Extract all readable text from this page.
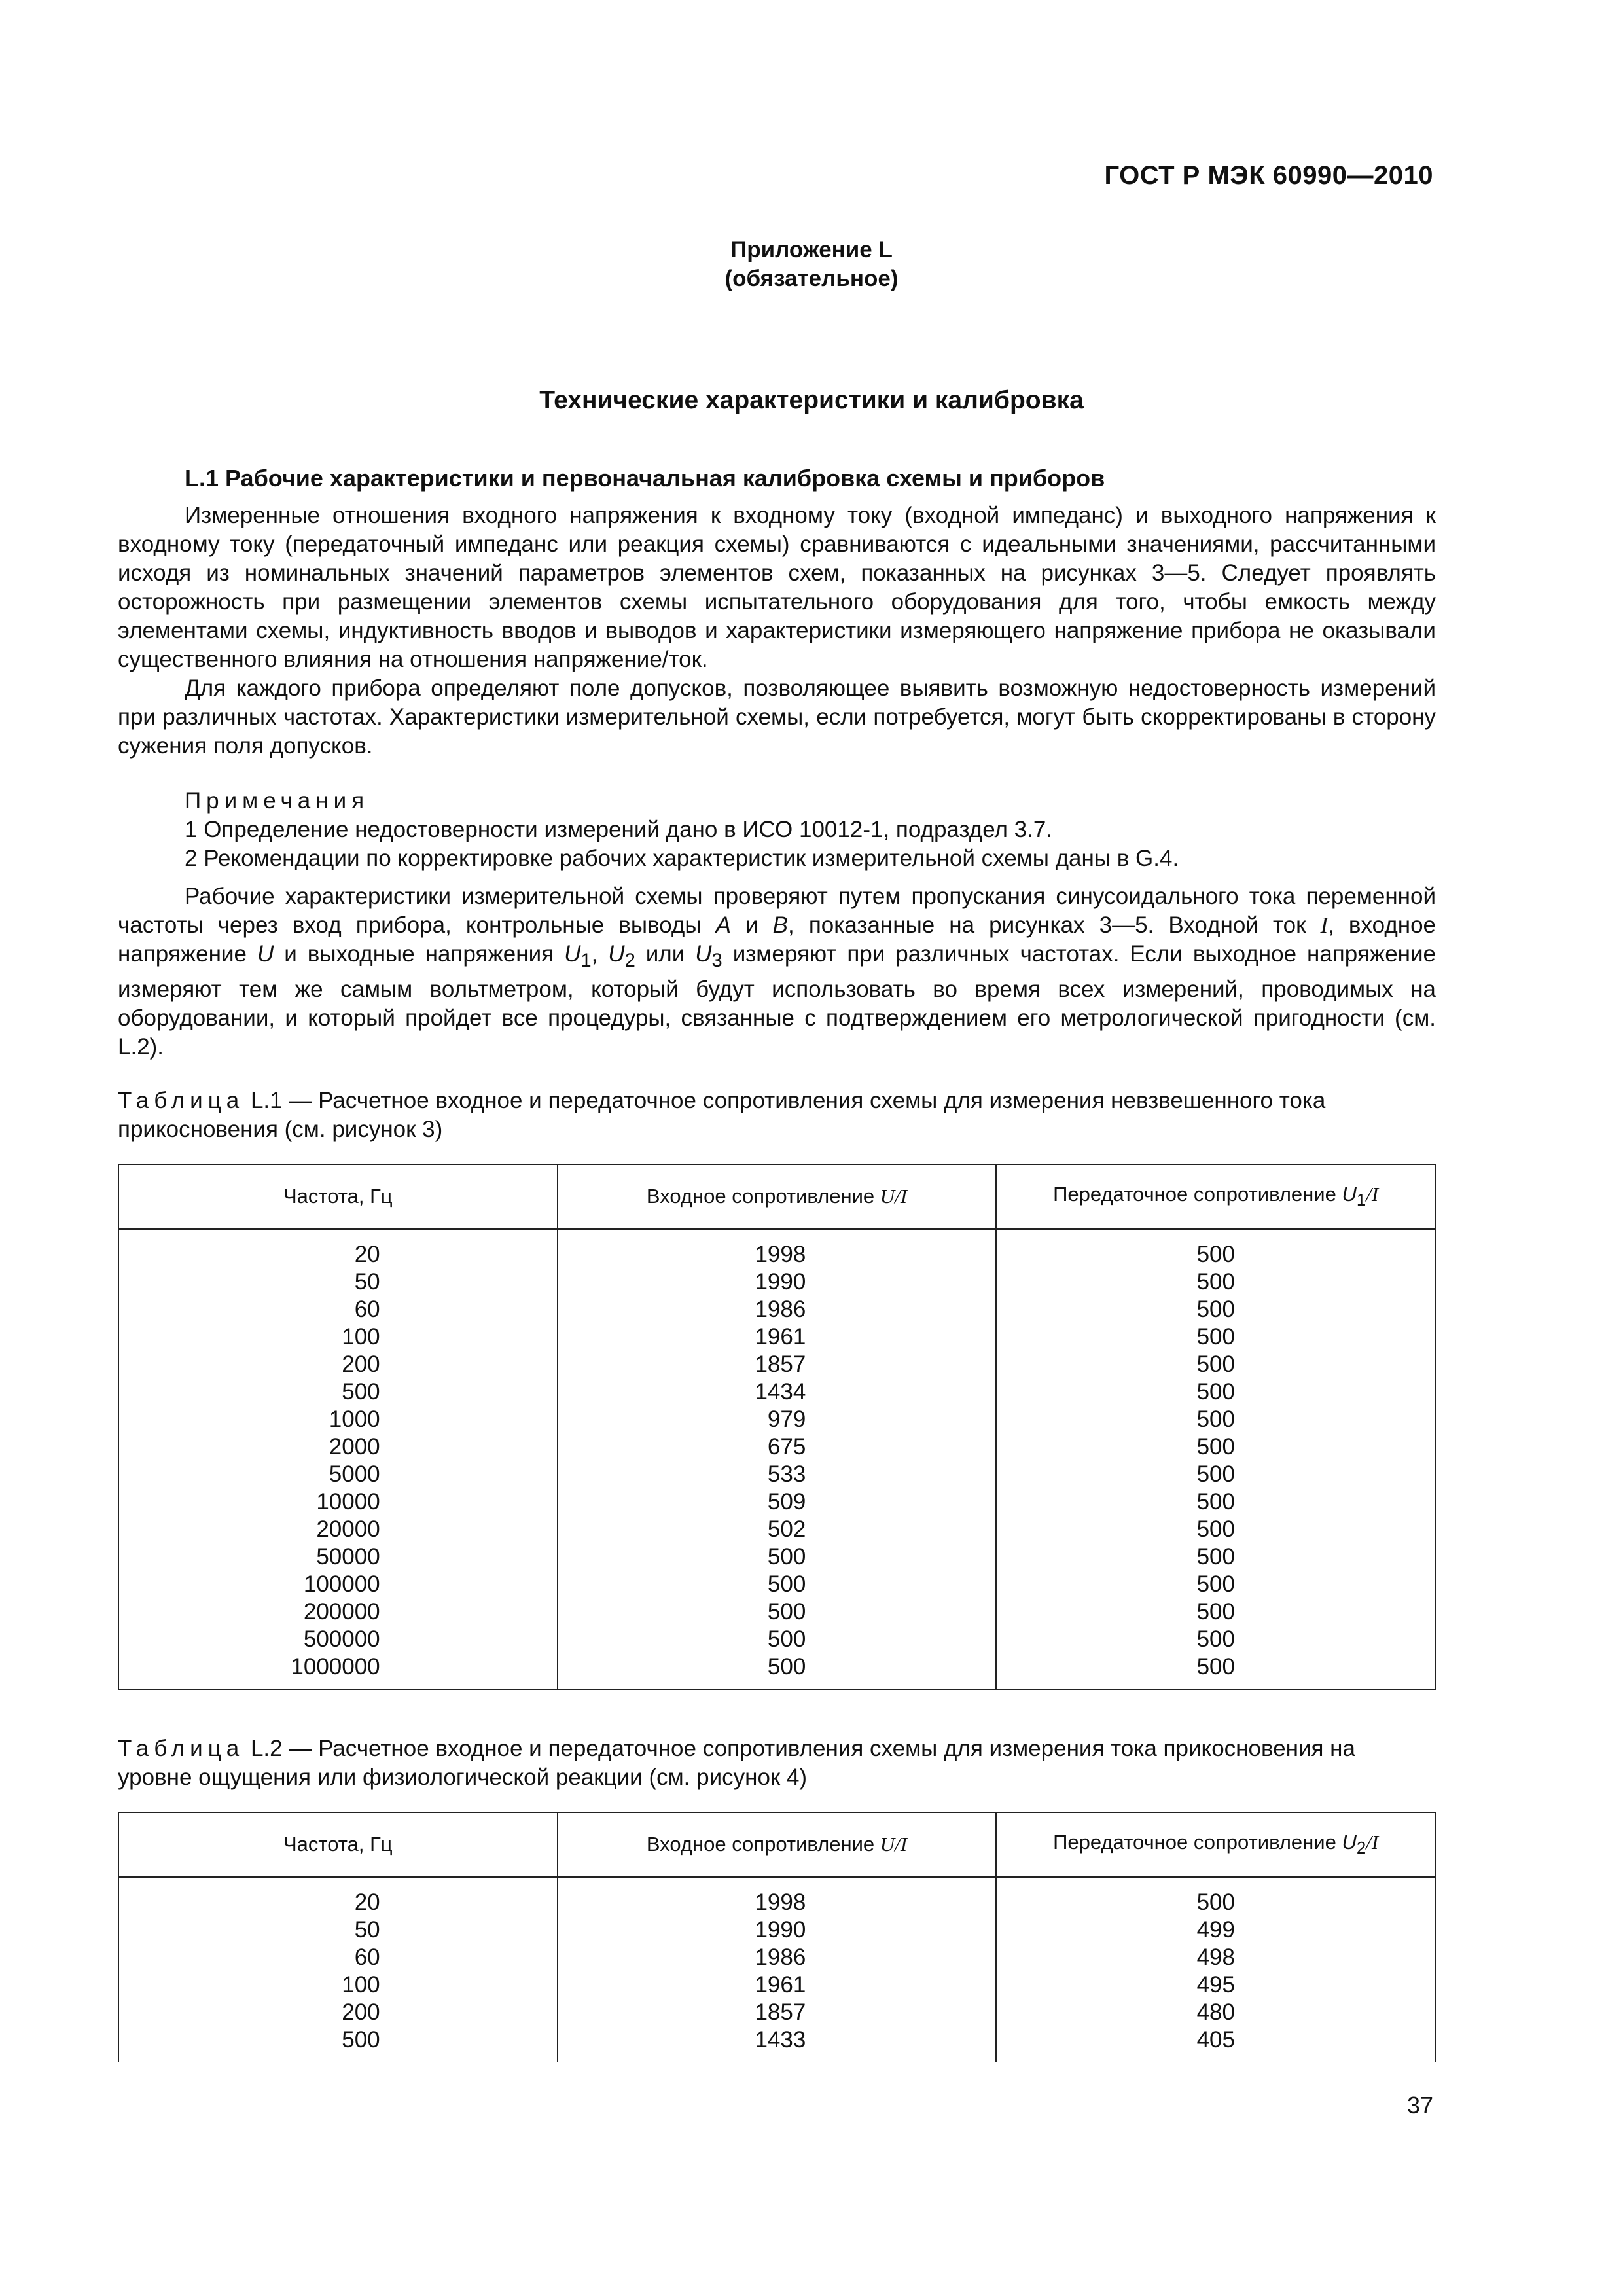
ГОСТ Р МЭК 60990—2010
Приложение L
(обязательное)
Технические характеристики и калибровка
L.1 Рабочие характеристики и первоначальная калибровка схемы и приборов

Измеренные отношения входного напряжения к входному току (входной импеданс) и выходного напряжения к входному току (передаточный импеданс или реакция схемы) сравниваются с идеальными значениями, рассчитанными исходя из номинальных значений параметров элементов схем, показанных на рисунках 3—5. Следует проявлять осторожность при размещении элементов схемы испытательного оборудования для того, чтобы емкость между элементами схемы, индуктивность вводов и выводов и характеристики измеряющего напряжение прибора не оказывали существенного влияния на отношения напряжение/ток.

Для каждого прибора определяют поле допусков, позволяющее выявить возможную недостоверность измерений при различных частотах. Характеристики измерительной схемы, если потребуется, могут быть скорректированы в сторону сужения поля допусков.

Примечания
1 Определение недостоверности измерений дано в ИСО 10012-1, подраздел 3.7.
2 Рекомендации по корректировке рабочих характеристик измерительной схемы даны в G.4.

Рабочие характеристики измерительной схемы проверяют путем пропускания синусоидального тока переменной частоты через вход прибора, контрольные выводы A и B, показанные на рисунках 3—5. Входной ток I, входное напряжение U и выходные напряжения $U_1$, $U_2$ или $U_3$ измеряют при различных частотах. Если выходное напряжение измеряют тем же самым вольтметром, который будут использовать во время всех измерений, проводимых на оборудовании, и который пройдет все процедуры, связанные с подтверждением его метрологической пригодности (см. L.2).

Таблица L.1 — Расчетное входное и передаточное сопротивления схемы для измерения невзвешенного тока прикосновения (см. рисунок 3)
Частота, Гц	Входное сопротивление U/I	Передаточное сопротивление $U_1/I$
20	1998	500
50	1990	500
60	1986	500
100	1961	500
200	1857	500
500	1434	500
1000	979	500
2000	675	500
5000	533	500
10000	509	500
20000	502	500
50000	500	500
100000	500	500
200000	500	500
500000	500	500
1000000	500	500
Таблица L.2 — Расчетное входное и передаточное сопротивления схемы для измерения тока прикосновения на уровне ощущения или физиологической реакции (см. рисунок 4)
Частота, Гц	Входное сопротивление U/I	Передаточное сопротивление $U_2/I$
20	1998	500
50	1990	499
60	1986	498
100	1961	495
200	1857	480
500	1433	405
37
